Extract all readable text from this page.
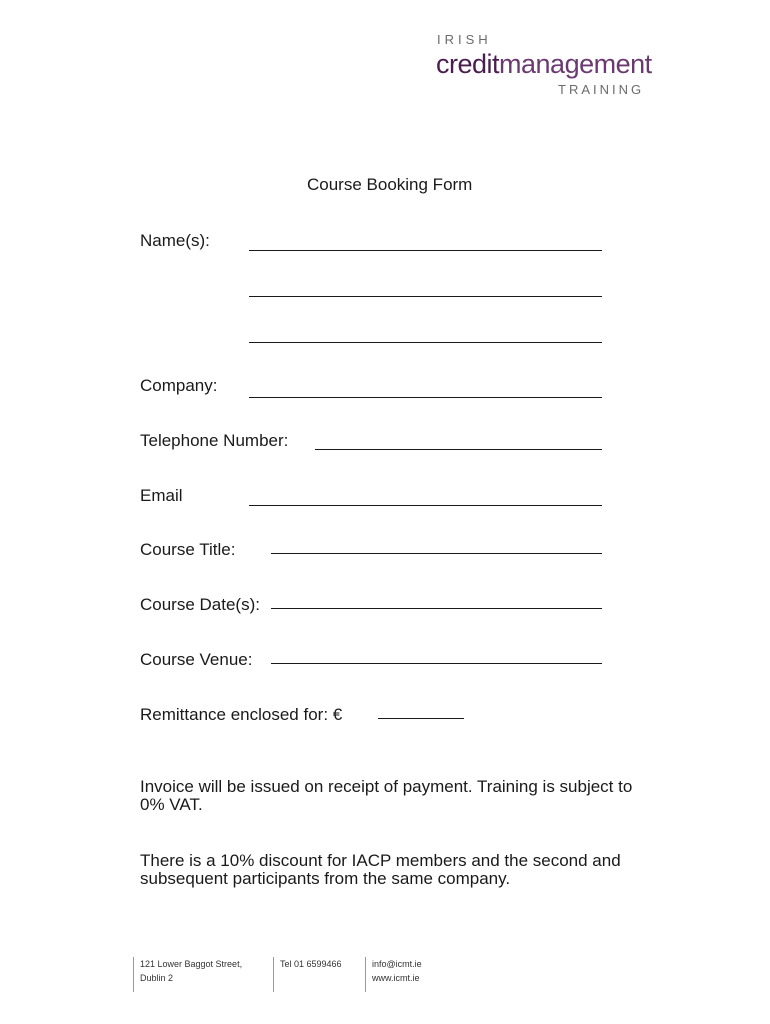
IRISH
creditmanagement
TRAINING
Course Booking Form
Name(s):
Company:
Telephone Number:
Email
Course Title:
Course Date(s):
Course Venue:
Remittance enclosed for: €
Invoice will be issued on receipt of payment. Training is subject to 0% VAT.
There is a 10% discount for IACP members and the second and subsequent participants from the same company.
121 Lower Baggot Street,
Dublin 2
Tel 01 6599466	info@icmt.ie
www.icmt.ie
